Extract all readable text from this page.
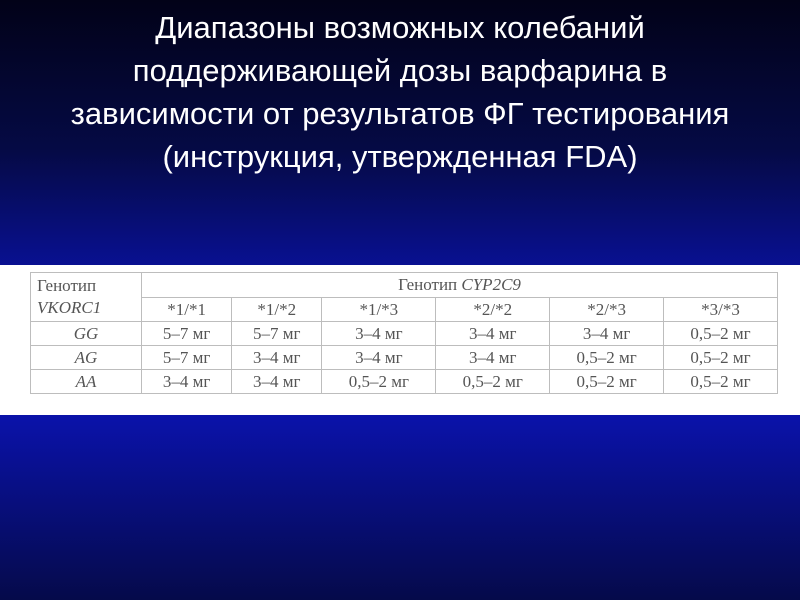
Диапазоны возможных колебаний
поддерживающей дозы варфарина в
зависимости от результатов ФГ тестирования
(инструкция, утвержденная FDA)
Генотип
VKORC1	Генотип CYP2C9					
	*1/*1	*1/*2	*1/*3	*2/*2	*2/*3	*3/*3
GG	5–7 мг	5–7 мг	3–4 мг	3–4 мг	3–4 мг	0,5–2 мг
AG	5–7 мг	3–4 мг	3–4 мг	3–4 мг	0,5–2 мг	0,5–2 мг
AA	3–4 мг	3–4 мг	0,5–2 мг	0,5–2 мг	0,5–2 мг	0,5–2 мг
